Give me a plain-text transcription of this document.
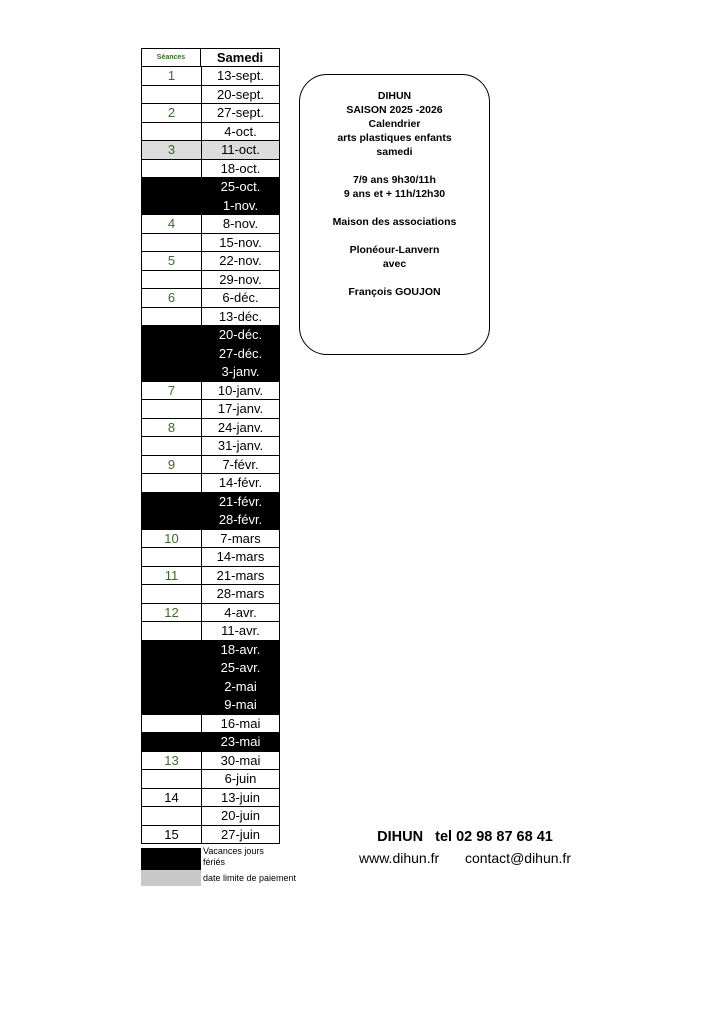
Séances	Samedi
1	13-sept.
20-sept.
2	27-sept.
4-oct.
3	11-oct.
18-oct.
25-oct.
1-nov.
4	8-nov.
15-nov.
5	22-nov.
29-nov.
6	6-déc.
13-déc.
20-déc.
27-déc.
3-janv.
7	10-janv.
17-janv.
8	24-janv.
31-janv.
9	7-févr.
14-févr.
21-févr.
28-févr.
10	7-mars
14-mars
11	21-mars
28-mars
12	4-avr.
11-avr.
18-avr.
25-avr.
2-mai
9-mai
16-mai
23-mai
13	30-mai
6-juin
14	13-juin
20-juin
15	27-juin
Vacances jours fériés
date limite de paiement
DIHUN
SAISON 2025 -2026
Calendrier
arts plastiques enfants
samedi
7/9 ans 9h30/11h
9 ans et + 11h/12h30
Maison des associations
Plonéour-Lanvern
avec
François GOUJON
DIHUN   tel 02 98 87 68 41
www.dihun.fr contact@dihun.fr
